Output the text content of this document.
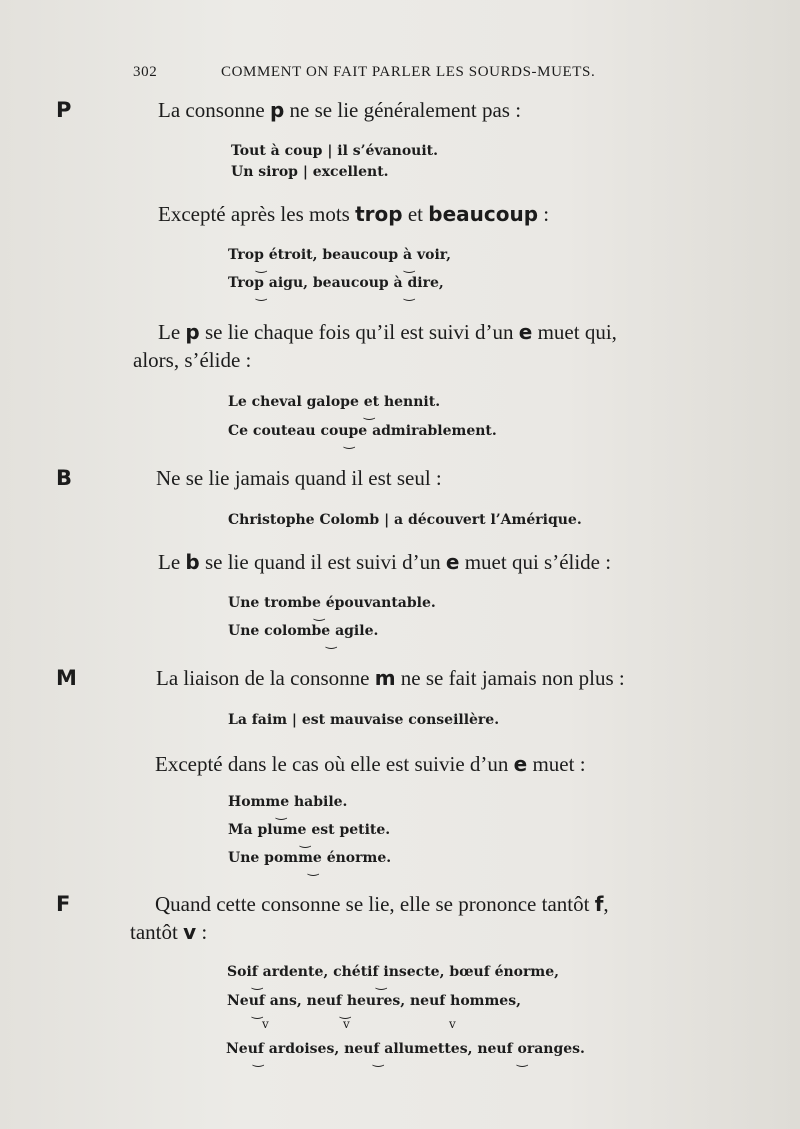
302	COMMENT ON FAIT PARLER LES SOURDS-MUETS.
P	La consonne p ne se lie généralement pas :
Tout à coup | il s’évanouit.
Un sirop | excellent.
Excepté après les mots trop et beaucoup :
Trop étroit, beaucoup à voir,
‿	‿
Trop aigu, beaucoup à dire,
‿	‿
Le p se lie chaque fois qu’il est suivi d’un e muet qui,
alors, s’élide :
Le cheval galope et hennit.
‿
Ce couteau coupe admirablement.
‿
B	Ne se lie jamais quand il est seul :
Christophe Colomb | a découvert l’Amérique.
Le b se lie quand il est suivi d’un e muet qui s’élide :
Une trombe épouvantable.
‿
Une colombe agile.
‿
M	La liaison de la consonne m ne se fait jamais non plus :
La faim | est mauvaise conseillère.
Excepté dans le cas où elle est suivie d’un e muet :
Homme habile.
‿
Ma plume est petite.
‿
Une pomme énorme.
‿
F	Quand cette consonne se lie, elle se prononce tantôt f,
tantôt v :
Soif ardente, chétif insecte, bœuf énorme,
‿	‿
Neuf ans, neuf heures, neuf hommes,
‿	‿
v	v	v
Neuf ardoises, neuf allumettes, neuf oranges.
‿	‿	‿
